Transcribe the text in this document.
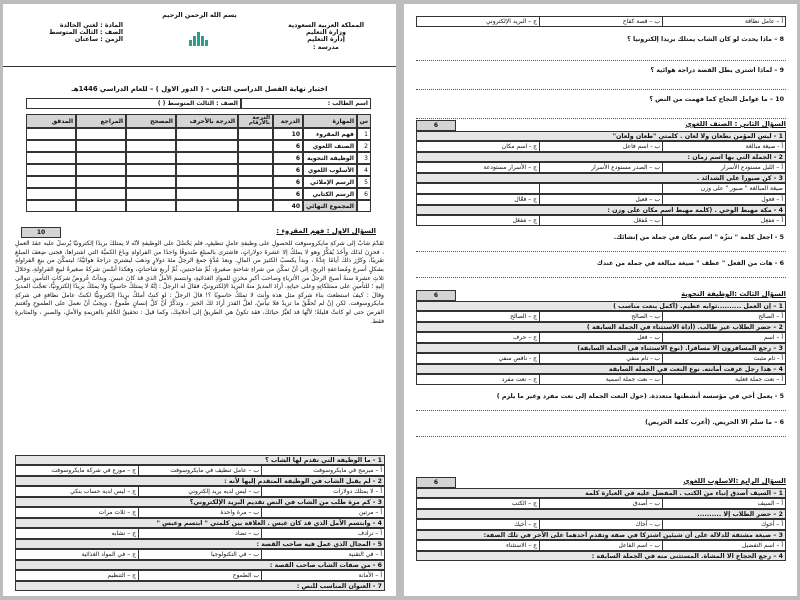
بسم الله الرحمن الرحيم
المملكة العربية السعودية
وزارة التعليم
إدارة التعليم
مدرسة :
المادة : لغتي الخالدة
الصف : الثالث المتوسط
الزمن : ساعتان
اختبار نهاية الفصل الدراسي الثاني – ( الدور الأول ) – للعام الدراسي 1446هـ
اسم الطالب :
الصف : الثالث المتوسط ( )
س
المهارة
الدرجة
الدرجة بالأرقام
الدرجة بالأحرف
المصحح
المراجع
المدقق
1
فهم المقروء
10
2
الصنف اللغوي
6
3
الوظيفة النحوية
6
4
الأسلوب اللغوي
6
5
الرسم الإملائي
6
6
الرسم الكتابي
6
المجموع النهائي
40
السؤال الأول : فهم المقروء :
10
تَقَدَّمَ شابٌّ إلى شركةِ مايكروسوفت للحصولِ على وظيفةِ عاملِ تنظيفٍ، فلم يَحْصُلْ على الوظيفةِ لأنَّه لا يمتلكُ بريدًا إلكترونيًّا يُرسلُ عليه عقدَ العملِ ، فحزِنَ لذلك وأَخَذَ يُفكِّرُ وهو لا يملكُ إلا عَشرةَ دولاراتٍ، فاشترى بالمبلغِ صُندوقًا واحدًا من الفراولةِ وباعَ الكميَّةَ التي اشتراها، فجنى ضِعفَ المبلغِ تقريبًا، وكرَّرَ ذلكَ أيامًا عِدَّةً ، وبدأ يكسبُ الكثيرَ من المالِ. وبعدَ مُدَّةٍ جمعَ الرجلُ مئةَ دولارٍ وذهبَ ليشتريَ دراجةً هوائيَّةً؛ ليتمكَّنَ من بيعِ الفراولةِ بشكلٍ أسرعَ ومُضاعفةِ الربحِ، إلى أنْ تمكَّنَ من شراءِ شاحنةٍ صغيرةٍ، ثُمَّ شاحنتين، ثُمَّ أربعِ شاحناتٍ، وهكذا أسَّسَ شركةً صغيرةً لبيعِ الفراولةِ، وخلالَ ثلاثِ عشرةَ سنةً أصبحَ الرجلُ من الأثرياءِ وصاحبَ أكبرِ مخزنٍ للموادِ الغذائيةِ، وابتسمَ الأملُ الذي قد كانَ عبسَ. وبدأتْ عُروضُ شركاتِ التأمينِ تتوالى إليهِ ؛ للتأمينِ على ممتلكاتِهِ وعلى حياتِهِ. أرادَ المديرُ منهُ البريدَ الإلكترونيَّ، فقالَ له الرجلُ : إنَّهُ لا يمتلكُ حاسوبًا ولا يملكُ بريدًا إلكترونيًّا، تعجَّبَ المديرُ وقالَ : كيفَ استطعتَ بناءَ شركةٍ مثل هذه وأنتَ لا تملكُ حاسوبًا ؟! قالَ الرجلُ : لو كنتُ أملكُ بريدًا إلكترونيًّا لكنتُ عاملَ نظافةٍ في شركةِ مايكروسوفت. لكن إنْ لم تُحقِّقْ ما تريدُ فلا تيأسْ، لعلَّ القدرَ أرادَ لكَ الخيرَ ، وتذكَّرْ أنَّ كلَّ إنسانٍ طُموحٌ ، ويجبُ أنْ نعملَ على الطموحِ وتُغتنمَ الفرصَ حتى لو كانتْ قليلةً؛ لأنَّها قد تُغيِّرُ حياتَكَ، فقد تكونُ هي الطريقُ إلى أحلامِكَ، وكما قيلَ : تحقيقُ الحُلمِ بالعزيمةِ والأملِ، والصبرِ ، والمثابرةِ فقط.
1 - ما الوظيفة التي تقدم لها الشاب ؟
أ – مبرمج في مايكروسوفت
ب – عامل تنظيف في مايكروسوفت
ج – موزع في شركة مايكروسوفت
2 - لم يقبل الشاب في الوظيفة المتقدم إليها لأنه :
أ – لا يمتلك دولارات
ب – ليس لديه بريد إلكتروني
ج – ليس لديه حساب بنكي
3 - كم مرة طلب من الشاب في النص تقديم البريد الإلكتروني؟
أ – مرتين
ب – مرة واحدة
ج – ثلاث مرات
4 - وابتسم الأمل الذي قد كان عبس . العلاقة بين كلمتي " ابتسم وعبس "
أ – ترادف
ب – تضاد
ج – تشابه
5 - المجال الذي عمل فيه صاحب القصة :
أ – في التقنية
ب – في التكنولوجيا
ج – في المواد الغذائية
6 - من صفات الشاب صاحب القصة :
أ – الأمانة
ب الطموح
ج – التنظيم
7 - العنوان المناسب للنص :
أ – عامل نظافة
ب – قصة كفاح
ج – البريد الإلكتروني
8 – ماذا يحدث لو كان الشاب يمتلك بريدا إلكترونيا ؟
9 – لماذا اشترى بطل القصة دراجة هوائية ؟
10 – ما عوامل النجاح كما فهمت من النص ؟
السؤال الثاني : الصنف اللغوي
6
1 - ليس المؤمن بطعان ولا لعان . كلمتي "طعان ولعان"
أ - صيغة مبالغة
ب - اسم فاعل
ج - اسم مكان
2 - الجملة التي بها اسم زمان :
أ – الليل مستودع الأسرار
ب – الصدر مستودع الأسرار
ج – الأسرار مستودعة
3 - كن صبورا على الشدائد .
صيغة المبالغة " صبور " على وزن
أ – فعول
ب – فعيل
ج – فعّال
4 - مكة مهبط الوحي . (كلمة مهبط اسم مكان على وزن :
أ – مَفعِل
ب – مُفعَل
ج – مَفعَل
5 - اجعل كلمة " تنزّه " اسم مكان في جملة من إنشائك.
6 - هات من الفعل " عطف " صيغة مبالغة في جملة من عندك
السؤال الثالث :الوظيفة النحوية
6
1 – إن العمل ..........ثوابه عظيم. (أكمل بنعت مناسب )
أ – الصالح
ب – الصالح
ج – الصالح
2 – حضر الطلاب غير طالب. (أداة الاستثناء في الجملة السابقة )
أ – اسم
ب – فعل
ج – حرف
3 – رجع المسافرون إلا مسافرا. (نوع الاستثناء في الجملة السابقة)
أ - تام مثبت
ب - تام منفي
ج - ناقص منفي
4 – هذا رجل عرفت أمانته. نوع النعت في الجملة السابقة
أ – نعت جملة فعلية
ب – نعت جملة اسمية
ج – نعت مفرد
5 - يعمل أخي في مؤسسة أنشطتها متعددة. (حول النعت الجملة إلى نعت مفرد وغير ما يلزم )
6 – ما سلم الا الحريص. (أعرب كلمة الحريص)
السؤال الرابع :الأسلوب اللغوي
6
1 – السيف أصدق إنباء من الكتب . المفضل عليه في العبارة كلمة
أ – السيف
ب – أصدق
ج – الكتب
2 – حضر الطلاب إلا ..........
أ – أخوك
ب – أخاك
ج – أخيك
3 – صيغة مشتقة للدلالة على أن شيئين اشتركا في صفة وتقدم أحدهما على الآخر في تلك الصفة:
أ – اسم التفضيل
ب – اسم الفاعل
ج – الاستثناء
4 – رجع الحجاج الا المشاة. المستثنى منه في الجملة السابقة :
